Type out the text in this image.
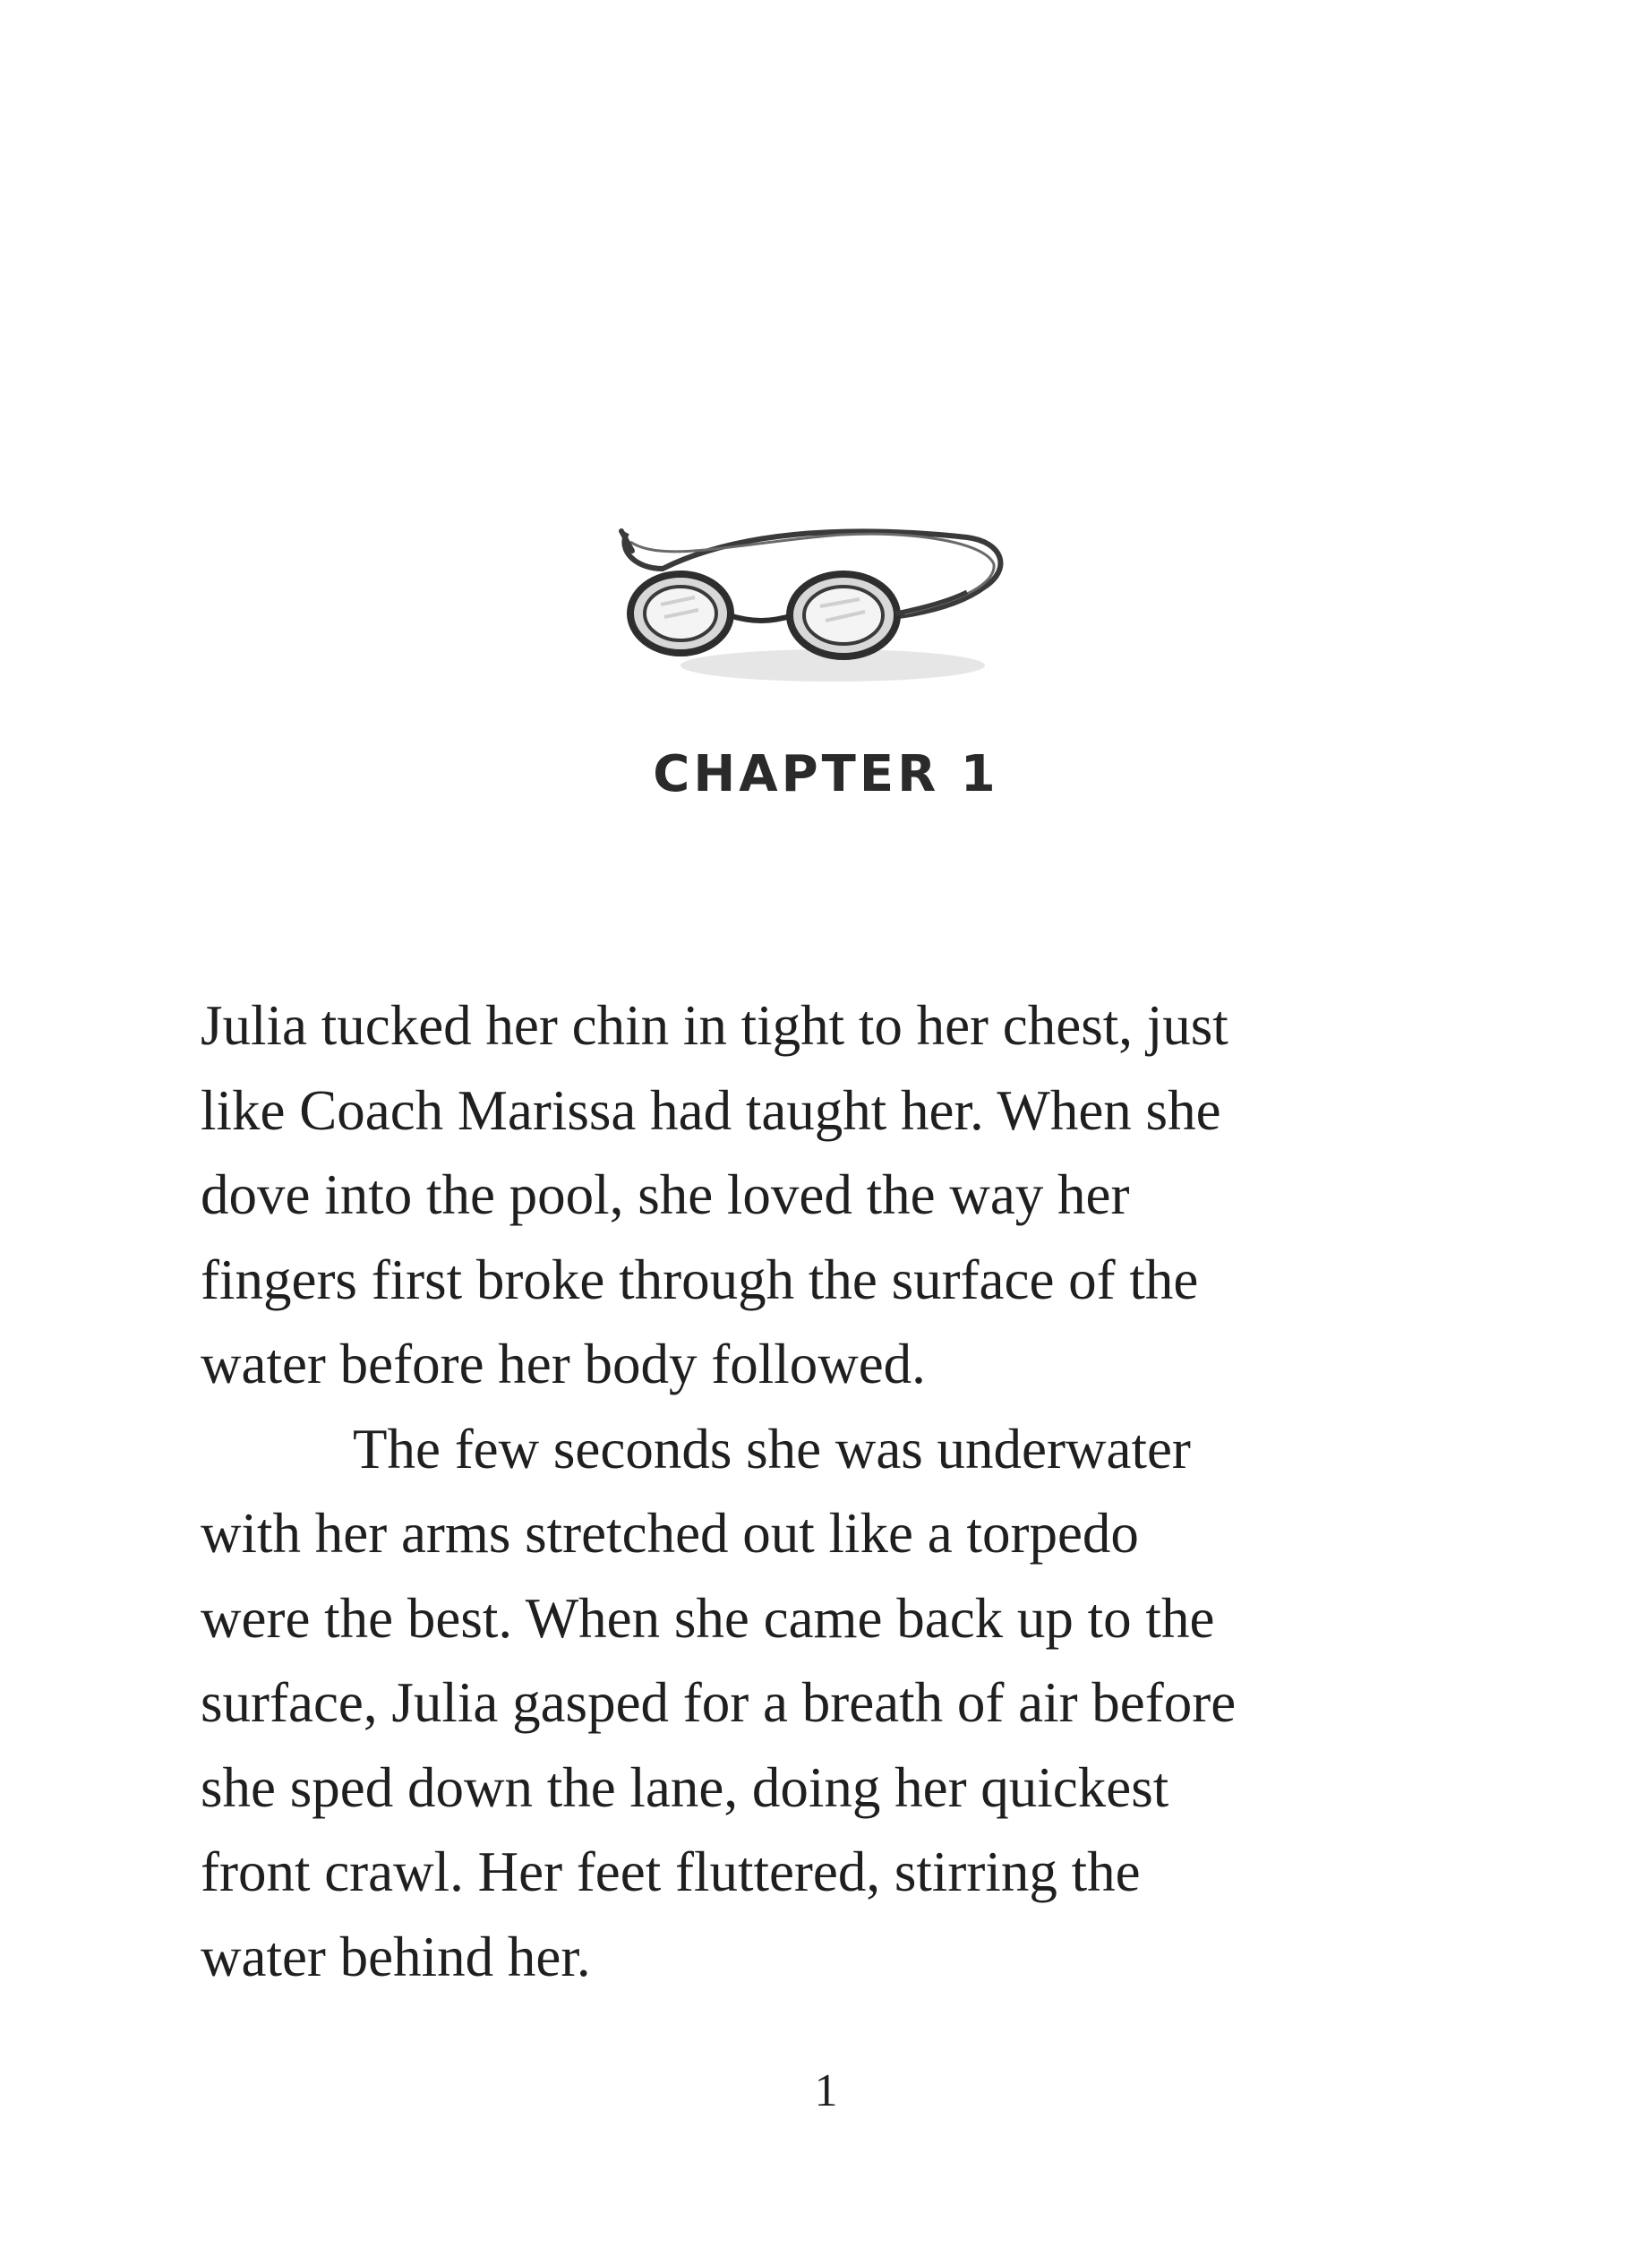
CHAPTER 1

Julia tucked her chin in tight to her chest, just
like Coach Marissa had taught her. When she
dove into the pool, she loved the way her
fingers first broke through the surface of the
water before her body followed.

The few seconds she was underwater
with her arms stretched out like a torpedo
were the best. When she came back up to the
surface, Julia gasped for a breath of air before
she sped down the lane, doing her quickest
front crawl. Her feet fluttered, stirring the
water behind her.

1
